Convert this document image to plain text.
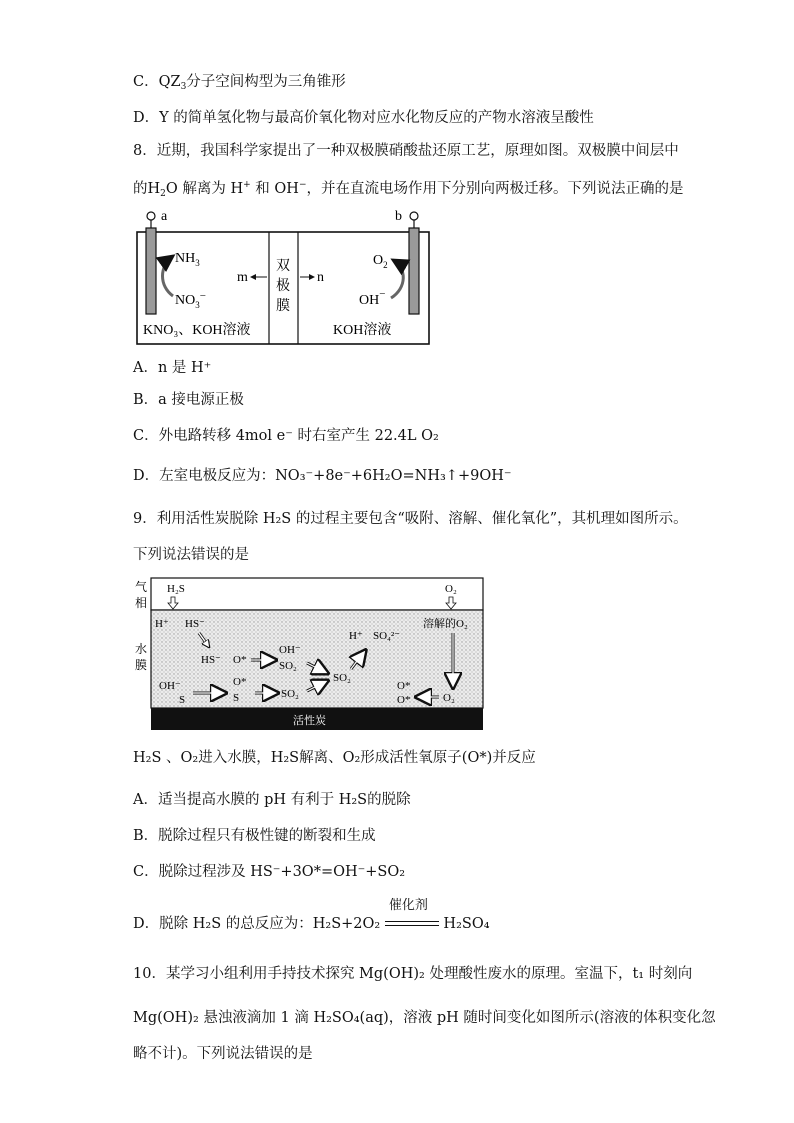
C．$QZ_3$分子空间构型为三角锥形
D．Y 的简单氢化物与最高价氧化物对应水化物反应的产物水溶液呈酸性
8．近期，我国科学家提出了一种双极膜硝酸盐还原工艺，原理如图。双极膜中间层中
的$H_2O$ 解离为 H+ 和 OH−，并在直流电场作用下分别向两极迁移。下列说法正确的是
a	b
$NH_3$
$NO_3^-$
$O_2$
OH−
双
极
膜
m	n
KNO₃、KOH溶液	KOH溶液
A．n 是 H⁺
B．a 接电源正极
C．外电路转移 4mol e⁻ 时右室产生 22.4L O₂
D．左室电极反应为：NO₃⁻+8e⁻+6H₂O=NH₃↑+9OH⁻
9．利用活性炭脱除 H₂S 的过程主要包含“吸附、溶解、催化氧化”，其机理如图所示。
下列说法错误的是
活性炭
气
相
水
膜
H₂S	O₂
H⁺ HS⁻
HS⁻ O*
OH⁻
SO₂
SO₂
H⁺ SO₄²⁻
溶解的O₂
OH⁻
S
O*
S	SO₂
O*
O*	O₂
H₂S 、O₂进入水膜，H₂S解离、O₂形成活性氧原子(O*)并反应
A．适当提高水膜的 pH 有利于 H₂S的脱除
B．脱除过程只有极性键的断裂和生成
C．脱除过程涉及 HS⁻+3O*=OH⁻+SO₂
D．脱除 H₂S 的总反应为：H₂S+2O₂
催化剂
H₂SO₄
10．某学习小组利用手持技术探究 Mg(OH)₂ 处理酸性废水的原理。室温下，t₁ 时刻向
Mg(OH)₂ 悬浊液滴加 1 滴 H₂SO₄(aq)，溶液 pH 随时间变化如图所示(溶液的体积变化忽
略不计)。下列说法错误的是
